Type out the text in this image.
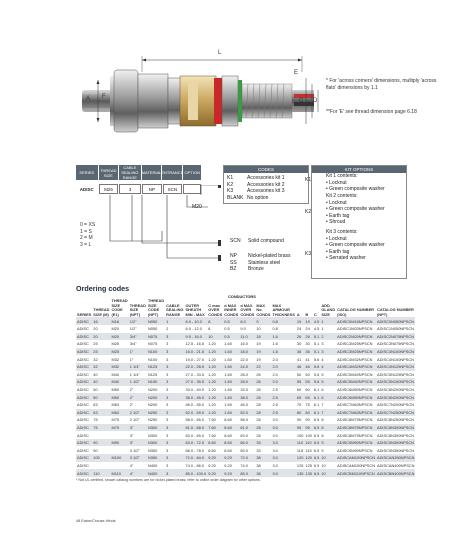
L
A F
E
C
B
D
* For 'across corners' dimensions, multiply 'across flats' dimensions by 1.1
**For 'E' see thread dimension page 6.18
SERIES	THREAD SIZE
CABLE SEALING RANGE
MATERIAL ENTRANCE OPTION
ADISC	M25	3	NP	SCN
M20
0 = XS
1 = S
2 = M
3 = L
CODES
K1	Accessories kit 1
K2	Accessories kit 2
K3	Accessories kit 3
BLANK No option
KIT OPTIONS
K1
Kit 1 contents:
• Locknut
• Green composite washer
K2
Kit 2 contents:
• Locknut
• Green composite washer
• Earth tag
• Shroud
K3
Kit 3 contents:
• Locknut
• Green composite washer
• Earth tag
• Serrated washer
SCN Solid compound
NP Nickel-plated brass
SS Stainless steel
BZ Bronze
Ordering codes
CONDUCTORS
SERIES	THREAD SIZE (M)	THREAD SIZE CODE (E1)	THREAD SIZE (NPT)	THREAD SIZE CODE (NPT)	CABLE SEALING RANGE	OUTER SHEATH MIN - MAX	C max OVER CONDS	d MAX INNER CONDS	d MAX OVER CONDS	MAX No. CONDS	MAX ARMOUR THICKNESS	A	B	C	ADD GLAND SIZE	CATALOG NUMBER (ISO)	CATALOG NUMBER (NPT)
ADISC	16	M16	1/2"	N050	1	6.0 - 10.0	8	0.5	8.0	9	0.8	19	19	4.5	1	ADISC0M16NPSCN	ADISC0N050NPSCN
ADISC	20	M20	1/2"	N050	2	6.0 - 12.0	8	0.5	9.0	10	0.8	24	24	4.5	1	ADISC1M20NPSCN	ADISC1N050NPSCN
ADISC	20	M20	3/4"	N075	3	9.5 - 16.0	10	0.5	11.0	18	1.6	26	26	5.1	2	ADISC2M20NPSCN	ADISC2N075NPSCN
ADISC	25	M25	3/4"	N075	3	12.5 - 16.5	1.20	1.60	16.0	19	1.6	30	30	5.1	3	ADISC3M25NPSCN	ADISC3N075NPSCN
ADISC	25	M25	1"	N100	3	16.0 - 21.5	1.20	1.60	18.0	19	1.6	36	36	5.1	3	ADISC3M25NPSCN	ADISC3N100NPSCN
ADISC	32	M32	1"	N100	3	19.0 - 27.0	1.20	1.60	22.0	19	2.0	41	41	5.6	4	ADISC4M32NPSCN	ADISC4N100NPSCN
ADISC	32	M32	1 1/4"	N125	3	22.0 - 28.5	1.20	1.60	24.0	22	2.0	46	46	5.6	4	ADISC4M32NPSCN	ADISC4N125NPSCN
ADISC	40	M40	1 1/4"	N125	3	27.0 - 33.5	1.20	1.60	28.0	26	2.0	50	50	5.6	5	ADISC5M40NPSCN	ADISC5N125NPSCN
ADISC	40	M40	1 1/2"	N150	3	27.0 - 35.5	1.20	1.60	28.0	26	2.0	55	55	5.6	5	ADISC5M40NPSCN	ADISC5N150NPSCN
ADISC	50	M50	2"	N200	3	33.0 - 40.0	1.20	1.60	33.0	28	2.5	60	60	6.1	6	ADISC6M50NPSCN	ADISC6N200NPSCN
ADISC	50	M50	2"	N200	3	38.0 - 45.0	1.20	1.60	38.0	28	2.5	65	65	6.1	6	ADISC6M50NPSCN	ADISC6N200NPSCN
ADISC	63	M63	2"	N200	3	46.0 - 55.0	1.20	1.60	46.0	28	2.5	75	75	6.1	7	ADISC7M63NPSCN	ADISC7N200NPSCN
ADISC	63	M63	2 1/2"	N250	3	52.0 - 59.0	1.20	1.60	52.0	28	2.5	80	80	6.1	7	ADISC7M63NPSCN	ADISC7N250NPSCN
ADISC	75	M75	2 1/2"	N250	3	58.0 - 65.0	7.60	8.60	58.0	28	3.0	90	90	6.5	8	ADISC8M75NPSCN	ADISC8N250NPSCN
ADISC	75	M75	3"	N300	3	61.0 - 68.0	7.60	8.60	61.0	28	3.0	95	95	6.5	8	ADISC8M75NPSCN	ADISC8N300NPSCN
ADISC			3"	N300	3	63.0 - 69.0	7.60	8.60	63.0	28	3.0	100	100	6.5	8	ADISC8M75NPSCN	ADISC8N300NPSCN
ADISC	90	M90	3"	N300	3	63.0 - 72.0	6.60	8.60	66.0	33	3.0	110	110	6.5	9	ADISC9M90NPSCN	ADISC9N300NPSCN
ADISC	90		3 1/2"	N350	3	66.0 - 78.0	6.60	8.60	69.0	33	3.0	115	115	6.5	9	ADISC9M90NPSCN	ADISC9N350NPSCN
ADISC	100	M100	3 1/2"	N350	3	72.0 - 84.0	9.20	9.20	72.0	38	3.0	120	120	6.5	10	ADISCAM100NPSCN	ADISCAN350NPSCN
ADISC			4"	N400	3	74.0 - 86.0	9.20	9.20	74.0	38	3.0	125	125	6.5	10	ADISCAM100NPSCN	ADISCAN400NPSCN
ADISC	110	M110	4"	N400	3	85.0 - 100.0	9.20	9.20	85.0	38	3.0	135	135	6.5	10	ADISCBM110NPSCN	ADISCBN400NPSCN
* Not UL certified, shown catalog numbers are for nickel-plated brass; refer to online order diagram for other options.
48 Eaton/Crouse-Hinds
